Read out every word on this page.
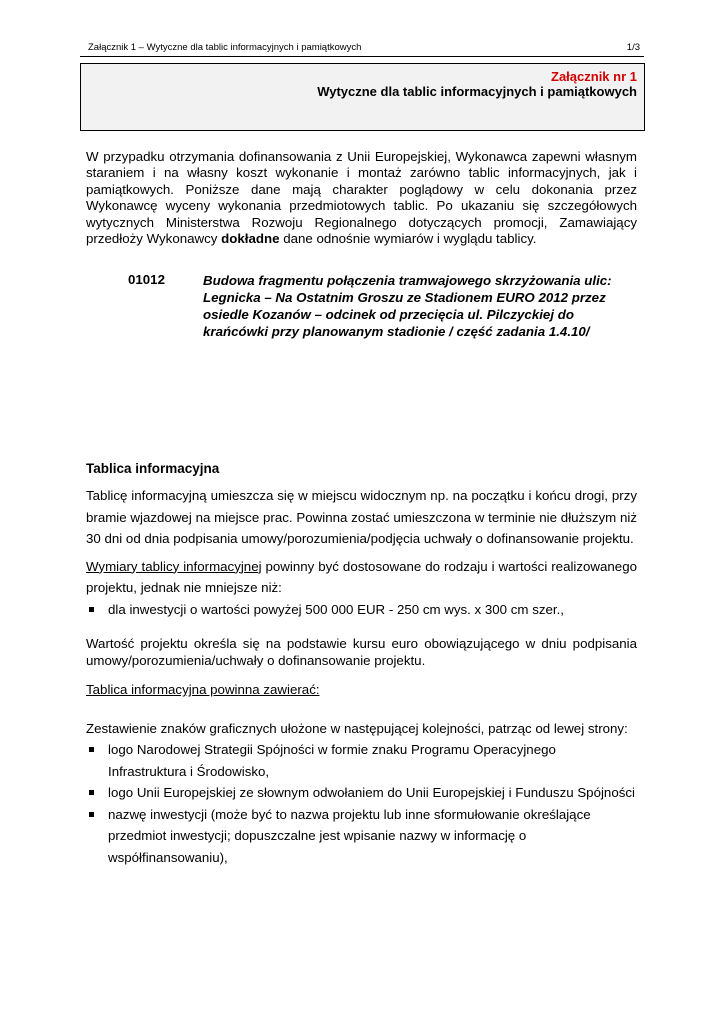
Załącznik 1 – Wytyczne dla tablic informacyjnych i pamiątkowych	1/3
Załącznik nr 1
Wytyczne dla tablic informacyjnych i pamiątkowych
W przypadku otrzymania dofinansowania z Unii Europejskiej, Wykonawca zapewni własnym staraniem i na własny koszt wykonanie i montaż zarówno tablic informacyjnych, jak i pamiątkowych. Poniższe dane mają charakter poglądowy w celu dokonania przez Wykonawcę wyceny wykonania przedmiotowych tablic. Po ukazaniu się szczegółowych wytycznych Ministerstwa Rozwoju Regionalnego dotyczących promocji, Zamawiający przedłoży Wykonawcy dokładne dane odnośnie wymiarów i wyglądu tablicy.
01012	Budowa fragmentu połączenia tramwajowego skrzyżowania ulic: Legnicka – Na Ostatnim Groszu ze Stadionem EURO 2012 przez osiedle Kozanów – odcinek od przecięcia ul. Pilczyckiej do krańcówki przy planowanym stadionie / część zadania 1.4.10/
Tablica informacyjna

Tablicę informacyjną umieszcza się w miejscu widocznym np. na początku i końcu drogi, przy bramie wjazdowej na miejsce prac. Powinna zostać umieszczona w terminie nie dłuższym niż 30 dni od dnia podpisania umowy/porozumienia/podjęcia uchwały o dofinansowanie projektu.

Wymiary tablicy informacyjnej powinny być dostosowane do rodzaju i wartości realizowanego projektu, jednak nie mniejsze niż:

dla inwestycji o wartości powyżej 500 000 EUR - 250 cm wys. x 300 cm szer.,

Wartość projektu określa się na podstawie kursu euro obowiązującego w dniu podpisania umowy/porozumienia/uchwały o dofinansowanie projektu.

Tablica informacyjna powinna zawierać:

Zestawienie znaków graficznych ułożone w następującej kolejności, patrząc od lewej strony:

logo Narodowej Strategii Spójności w formie znaku Programu Operacyjnego Infrastruktura i Środowisko,
logo Unii Europejskiej ze słownym odwołaniem do Unii Europejskiej i Funduszu Spójności
nazwę inwestycji (może być to nazwa projektu lub inne sformułowanie określające przedmiot inwestycji; dopuszczalne jest wpisanie nazwy w informację o współfinansowaniu),
